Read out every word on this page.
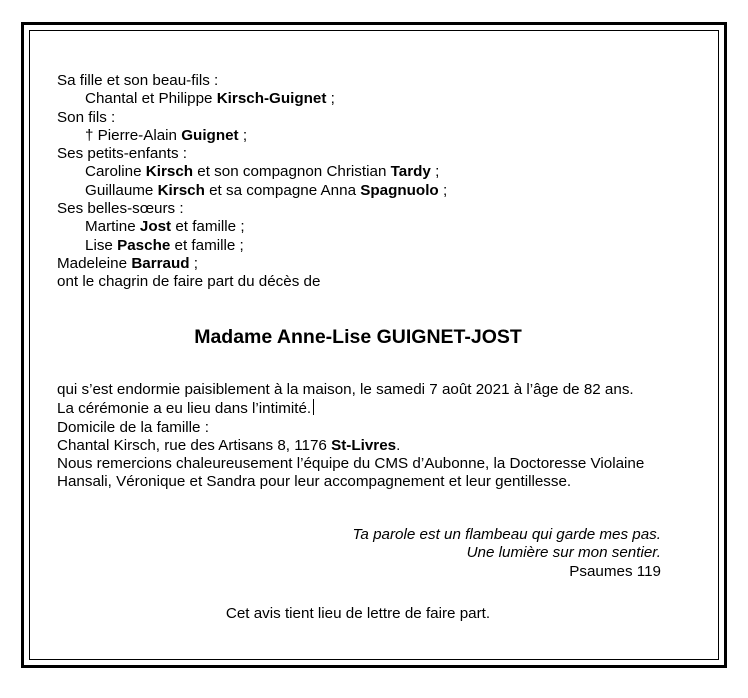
Sa fille et son beau-fils :
Chantal et Philippe Kirsch-Guignet ;
Son fils :
† Pierre-Alain Guignet ;
Ses petits-enfants :
Caroline Kirsch et son compagnon Christian Tardy ;
Guillaume Kirsch et sa compagne Anna Spagnuolo ;
Ses belles-sœurs :
Martine Jost et famille ;
Lise Pasche et famille ;
Madeleine Barraud ;
ont le chagrin de faire part du décès de
Madame Anne-Lise GUIGNET-JOST

qui s’est endormie paisiblement à la maison, le samedi 7 août 2021 à l’âge de 82 ans.

La cérémonie a eu lieu dans l’intimité.

Domicile de la famille :

Chantal Kirsch, rue des Artisans 8, 1176 St-Livres.

Nous remercions chaleureusement l’équipe du CMS d’Aubonne, la Doctoresse Violaine Hansali, Véronique et Sandra pour leur accompagnement et leur gentillesse.

Ta parole est un flambeau qui garde mes pas.
Une lumière sur mon sentier.
Psaumes 119
Cet avis tient lieu de lettre de faire part.
